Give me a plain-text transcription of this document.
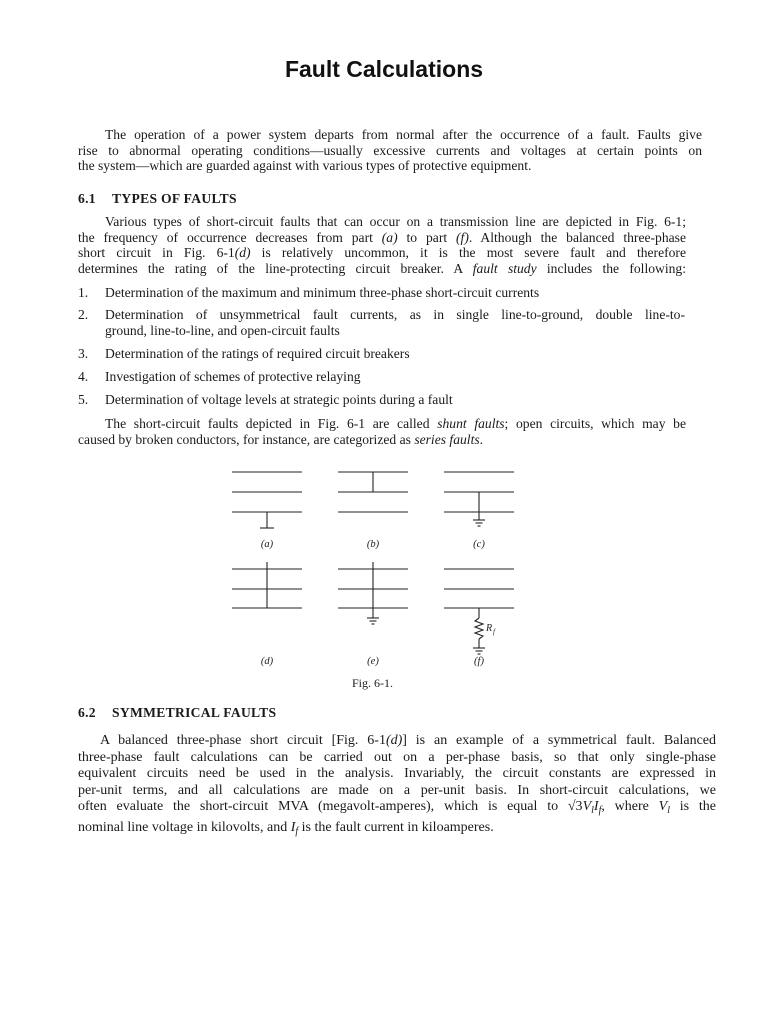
Fault Calculations
The operation of a power system departs from normal after the occurrence of a fault. Faults give
rise to abnormal operating conditions—usually excessive currents and voltages at certain points on
the system—which are guarded against with various types of protective equipment.
6.1 TYPES OF FAULTS
Various types of short-circuit faults that can occur on a transmission line are depicted in Fig. 6-1;
the frequency of occurrence decreases from part (a) to part (f). Although the balanced three-phase
short circuit in Fig. 6-1(d) is relatively uncommon, it is the most severe fault and therefore
determines the rating of the line-protecting circuit breaker. A fault study includes the following:
1. Determination of the maximum and minimum three-phase short-circuit currents
2. Determination of unsymmetrical fault currents, as in single line-to-ground, double line-to-
ground, line-to-line, and open-circuit faults
3. Determination of the ratings of required circuit breakers
4. Investigation of schemes of protective relaying
5. Determination of voltage levels at strategic points during a fault
The short-circuit faults depicted in Fig. 6-1 are called shunt faults; open circuits, which may be
caused by broken conductors, for instance, are categorized as series faults.
(a)	(b)	(c)
(d)	(e)	(f)
R f
Fig. 6-1.
6.2 SYMMETRICAL FAULTS
A balanced three-phase short circuit [Fig. 6-1(d)] is an example of a symmetrical fault. Balanced
three-phase fault calculations can be carried out on a per-phase basis, so that only single-phase
equivalent circuits need be used in the analysis. Invariably, the circuit constants are expressed in
per-unit terms, and all calculations are made on a per-unit basis. In short-circuit calculations, we
often evaluate the short-circuit MVA (megavolt-amperes), which is equal to $√3V_lI_f$, where $V_l$ is the
nominal line voltage in kilovolts, and $I_f$ is the fault current in kiloamperes.
